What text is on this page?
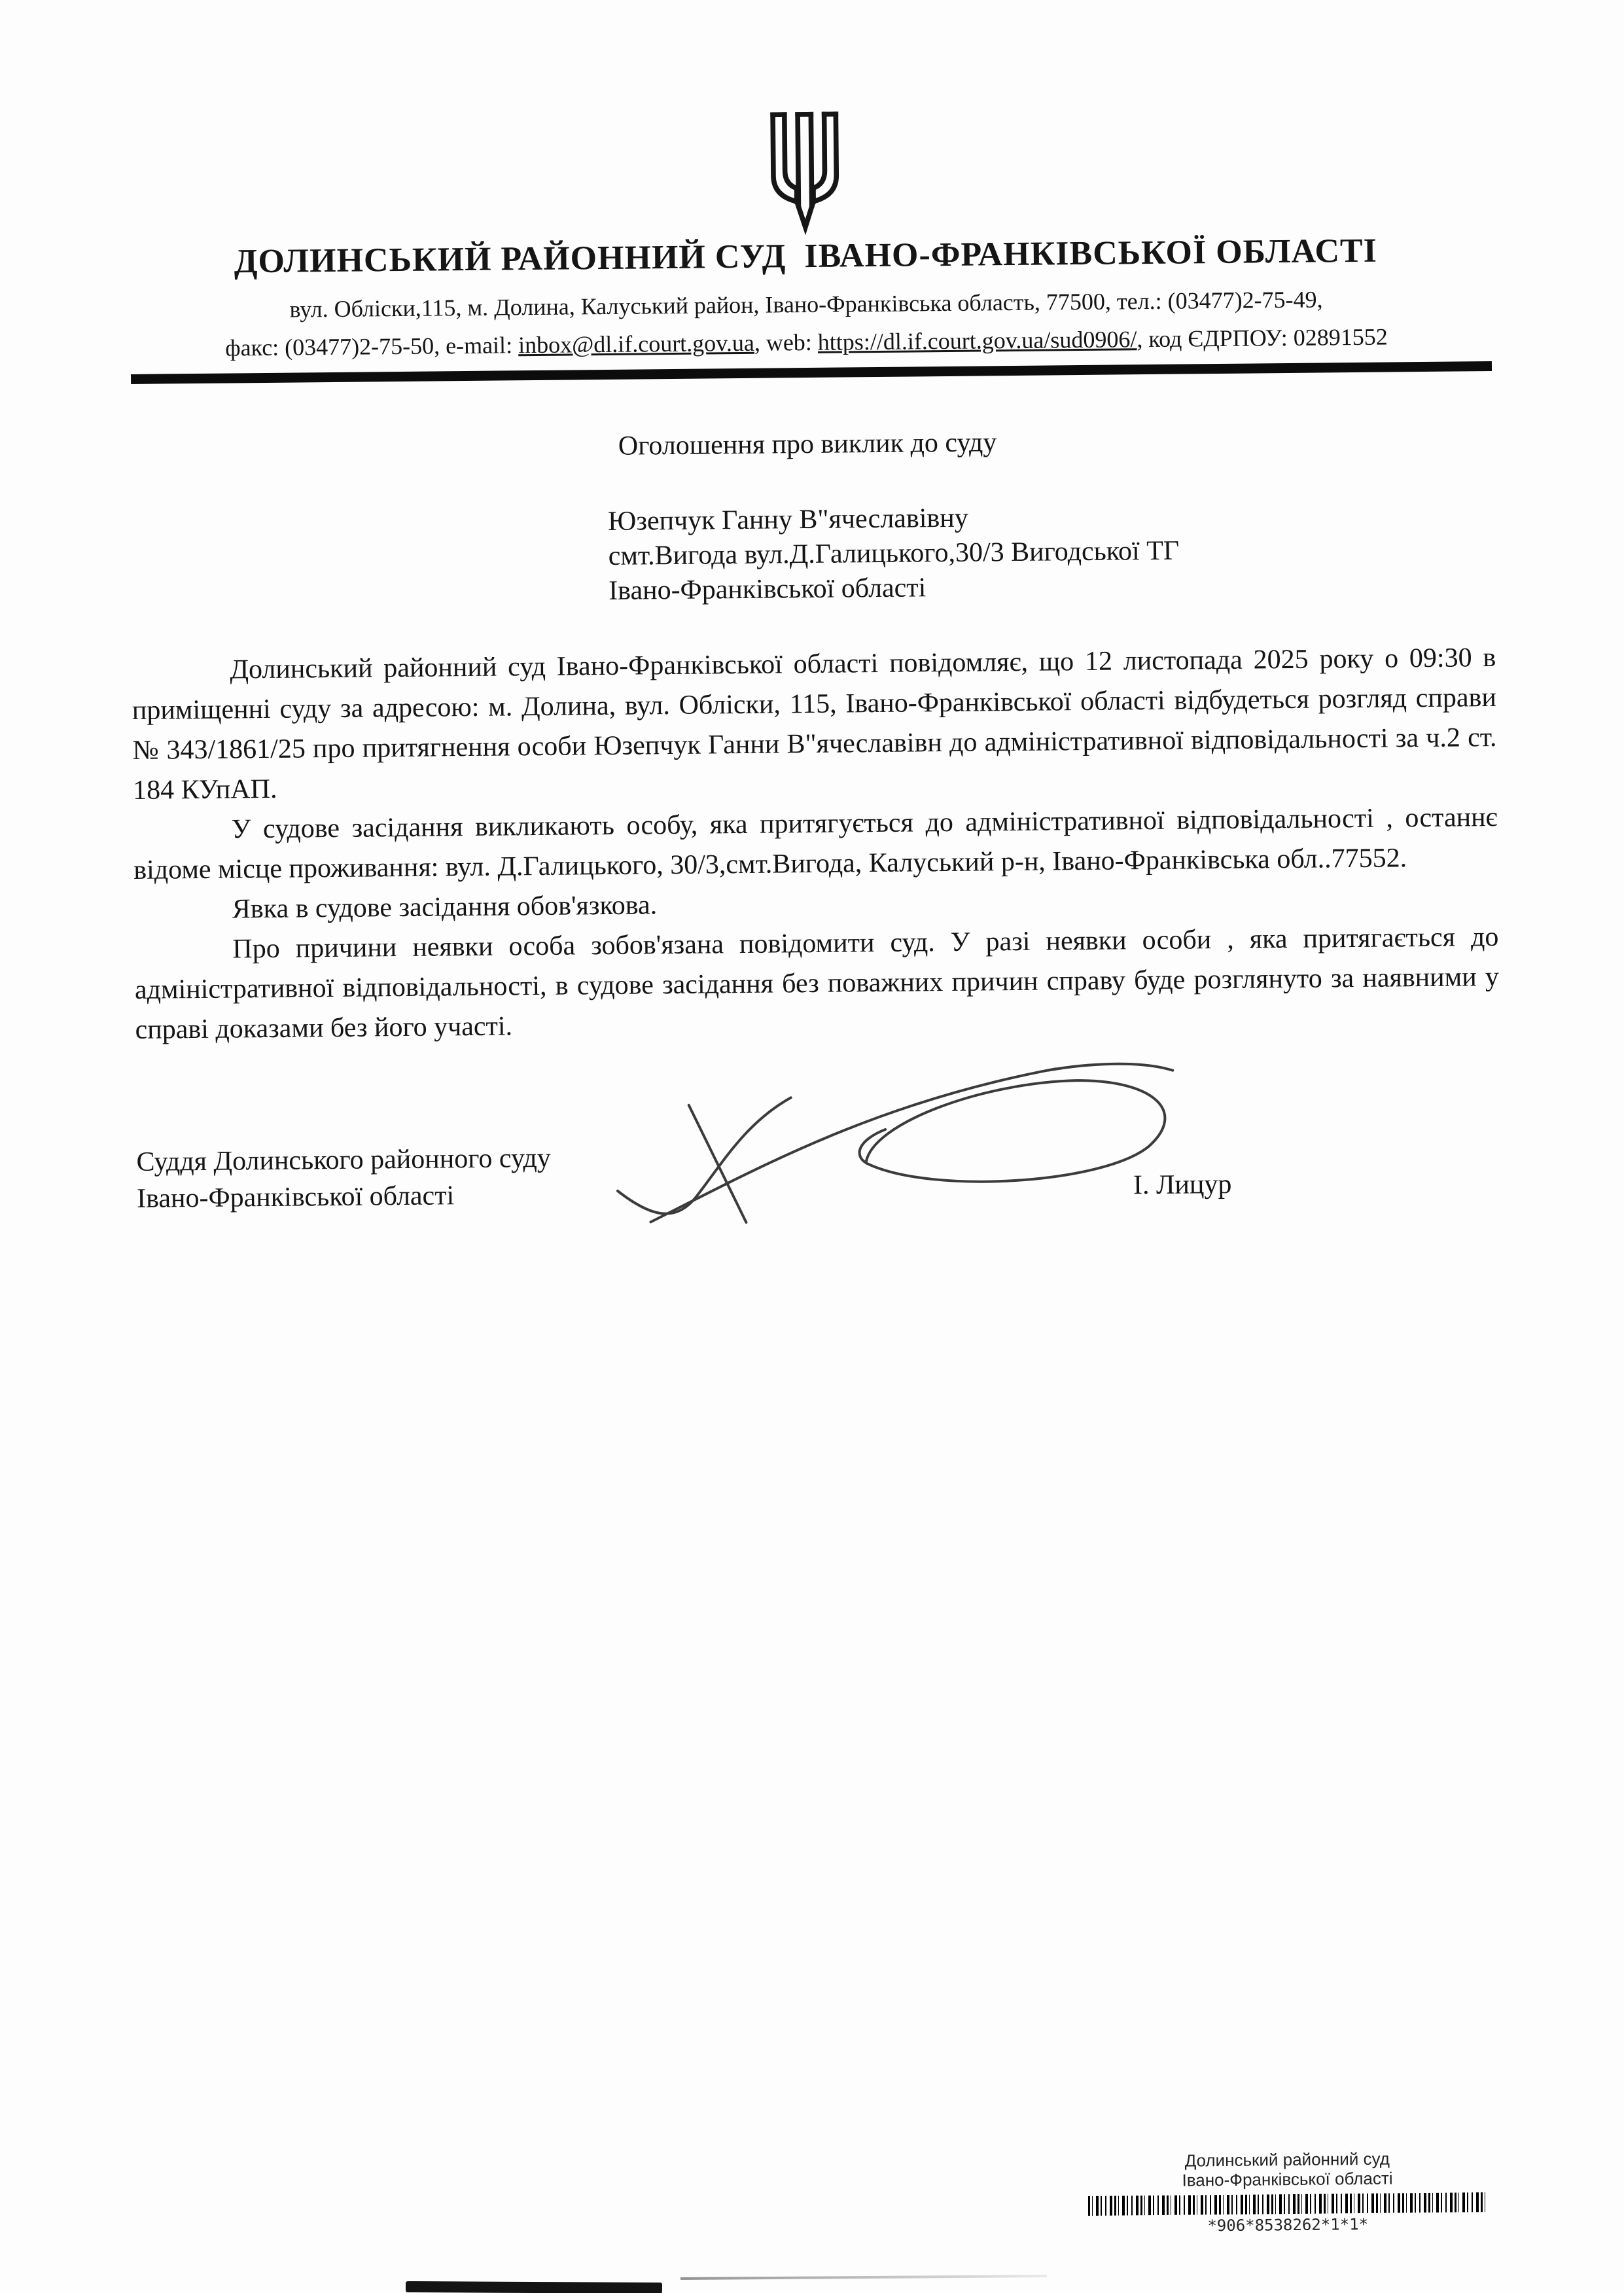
ДОЛИНСЬКИЙ РАЙОННИЙ СУД  ІВАНО-ФРАНКІВСЬКОЇ ОБЛАСТІ
вул. Обліски,115, м. Долина, Калуський район, Івано-Франківська область, 77500, тел.: (03477)2-75-49,
факс: (03477)2-75-50, e-mail: inbox@dl.if.court.gov.ua, web: https://dl.if.court.gov.ua/sud0906/, код ЄДРПОУ: 02891552
Оголошення про виклик до суду
Юзепчук Ганну В"ячеславівну
смт.Вигода вул.Д.Галицького,30/3 Вигодської ТГ
Івано-Франківської області

Долинський районний суд Івано-Франківської області повідомляє, що 12 листопада 2025 року о 09:30 в приміщенні суду за адресою: м. Долина, вул. Обліски, 115, Івано-Франківської області відбудеться розгляд справи № 343/1861/25 про притягнення особи Юзепчук Ганни В"ячеславівн до адміністративної відповідальності за ч.2 ст. 184 КУпАП.

У судове засідання викликають особу, яка притягується до адміністративної відповідальності , останнє відоме місце проживання: вул. Д.Галицького, 30/3,смт.Вигода, Калуський р-н, Івано-Франківська обл..77552.

Явка в судове засідання обов'язкова.

Про причини неявки особа зобов'язана повідомити суд. У разі неявки особи , яка притягається до адміністративної відповідальності, в судове засідання без поважних причин справу буде розглянуто за наявними у справі доказами без його участі.

Суддя Долинського районного суду
Івано-Франківської області	І. Лицур
Долинський районний суд
Івано-Франківської області
*906*8538262*1*1*
